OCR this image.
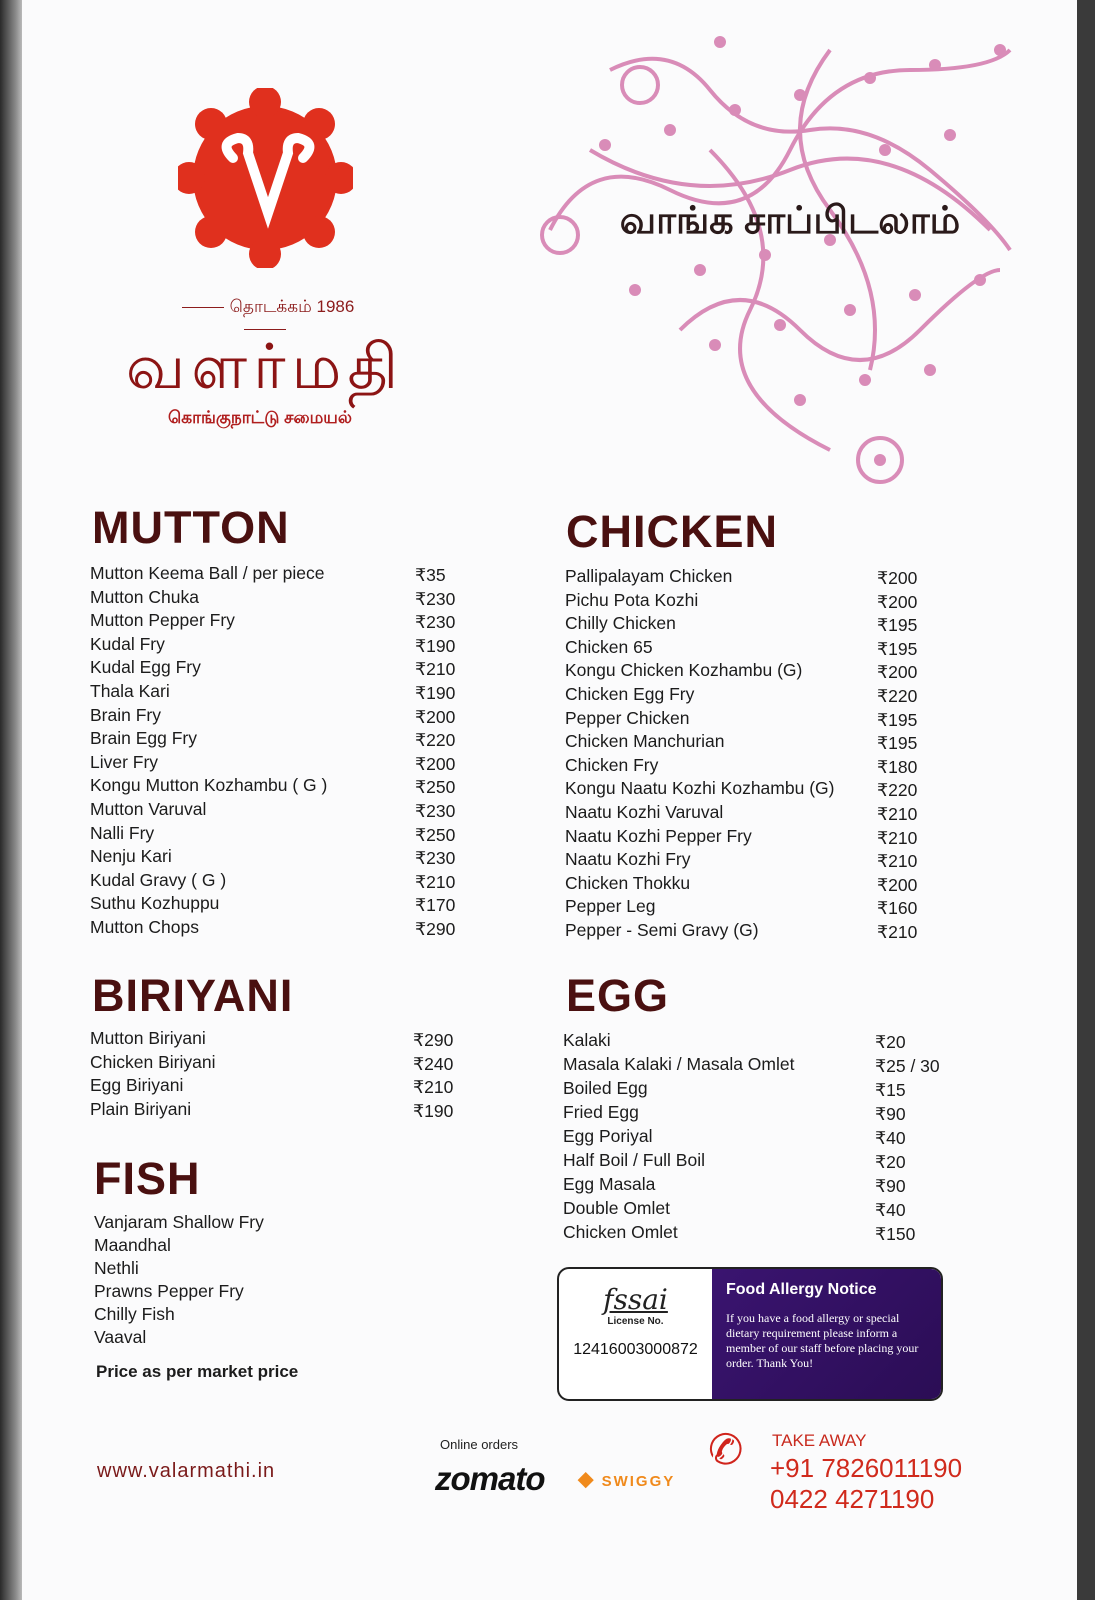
தொடக்கம் 1986
வளர்மதி
கொங்குநாட்டு சமையல்
வாங்க சாப்பிடலாம்
MUTTON	CHICKEN
BIRIYANI	EGG
FISH
Mutton Keema Ball / per piece	₹35
Mutton Chuka	₹230
Mutton Pepper Fry	₹230
Kudal Fry	₹190
Kudal Egg Fry	₹210
Thala Kari	₹190
Brain Fry	₹200
Brain Egg Fry	₹220
Liver Fry	₹200
Kongu Mutton Kozhambu ( G )	₹250
Mutton Varuval	₹230
Nalli Fry	₹250
Nenju Kari	₹230
Kudal Gravy ( G )	₹210
Suthu Kozhuppu	₹170
Mutton Chops	₹290
Pallipalayam Chicken	₹200
Pichu Pota Kozhi	₹200
Chilly Chicken	₹195
Chicken 65	₹195
Kongu Chicken Kozhambu (G)	₹200
Chicken Egg Fry	₹220
Pepper Chicken	₹195
Chicken Manchurian	₹195
Chicken Fry	₹180
Kongu Naatu Kozhi Kozhambu (G) ₹220
Naatu Kozhi Varuval	₹210
Naatu Kozhi Pepper Fry	₹210
Naatu Kozhi Fry	₹210
Chicken Thokku	₹200
Pepper Leg	₹160
Pepper - Semi Gravy (G)	₹210
Mutton Biriyani	₹290
Chicken Biriyani	₹240
Egg Biriyani	₹210
Plain Biriyani	₹190
Kalaki	₹20
Masala Kalaki / Masala Omlet	₹25 / 30
Boiled Egg	₹15
Fried Egg	₹90
Egg Poriyal	₹40
Half Boil / Full Boil	₹20
Egg Masala	₹90
Double Omlet	₹40
Chicken Omlet	₹150
Vanjaram Shallow Fry
Maandhal
Nethli
Prawns Pepper Fry
Chilly Fish
Vaaval
Price as per market price
fssai
License No.
12416003000872
Food Allergy Notice
If you have a food allergy or special dietary requirement please inform a member of our staff before placing your order. Thank You!
www.valarmathi.in
Online orders
zomato ⬥ SWIGGY
✆ TAKE AWAY
+91 7826011190
0422 4271190
